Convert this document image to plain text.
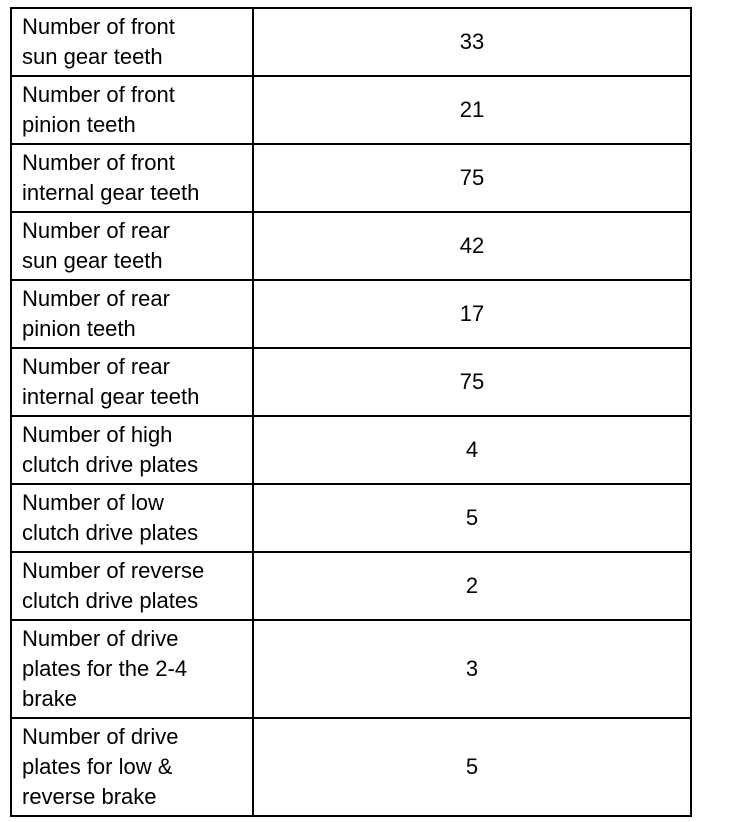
Number of front
sun gear teeth	33

Number of front
pinion teeth	21

Number of front
internal gear teeth	75

Number of rear
sun gear teeth	42

Number of rear
pinion teeth	17

Number of rear
internal gear teeth	75

Number of high
clutch drive plates	4

Number of low
clutch drive plates	5

Number of reverse
clutch drive plates	2

Number of drive
plates for the 2-4
brake	3

Number of drive
plates for low &
reverse brake	5
